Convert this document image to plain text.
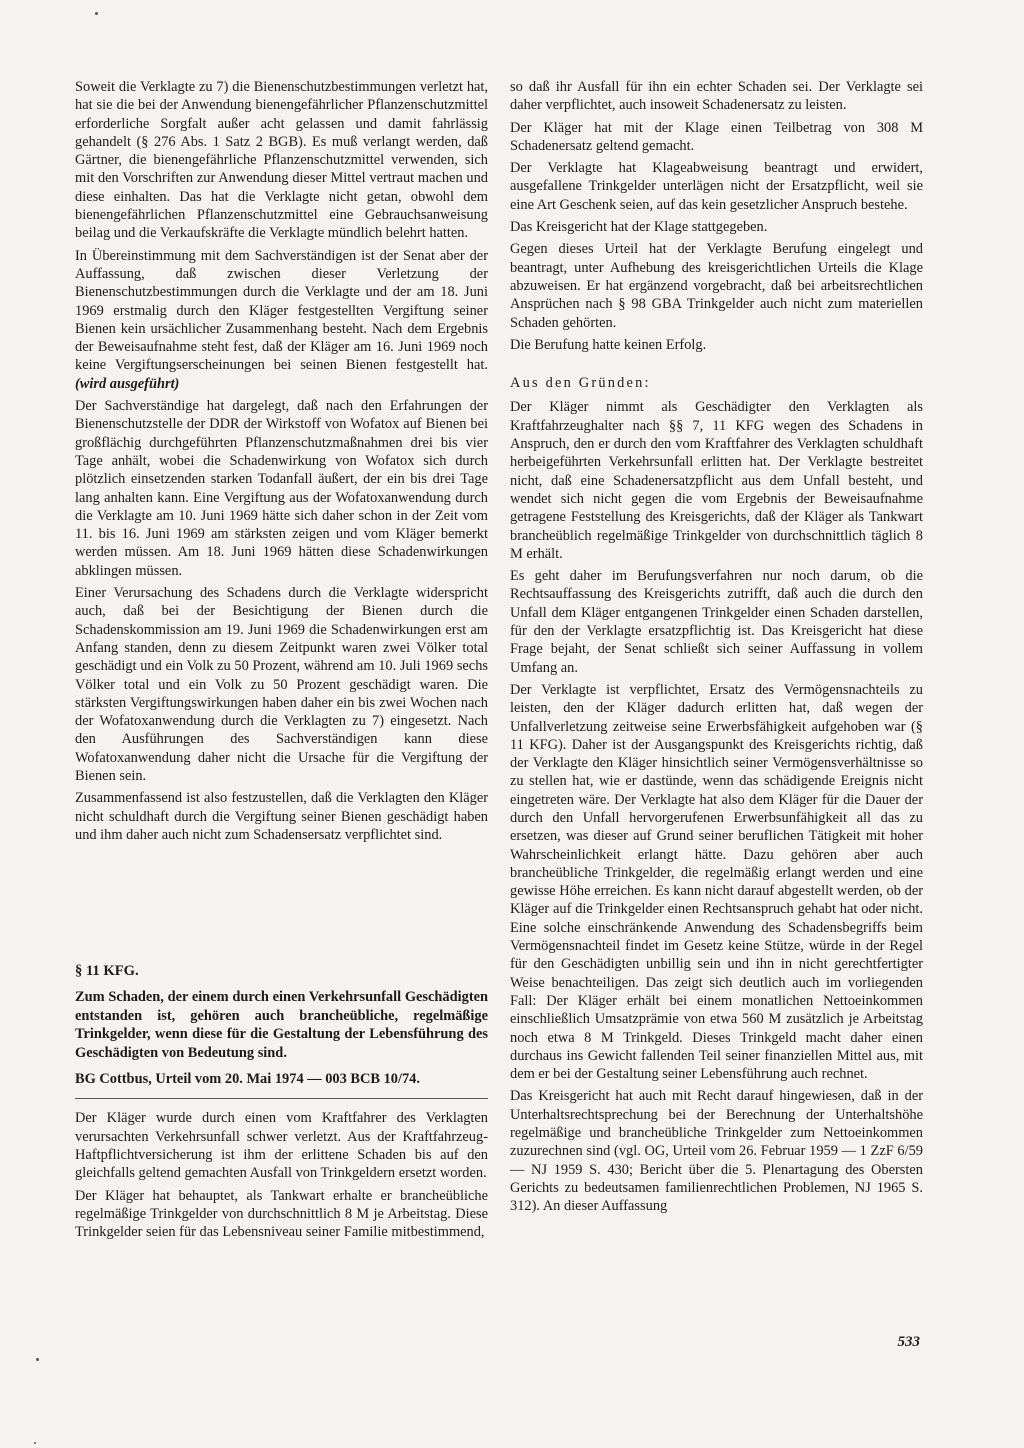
Soweit die Verklagte zu 7) die Bienenschutzbestimmungen verletzt hat, hat sie die bei der Anwendung bienengefährlicher Pflanzenschutzmittel erforderliche Sorgfalt außer acht gelassen und damit fahrlässig gehandelt (§ 276 Abs. 1 Satz 2 BGB). Es muß verlangt werden, daß Gärtner, die bienengefährliche Pflanzenschutzmittel verwenden, sich mit den Vorschriften zur Anwendung dieser Mittel vertraut machen und diese einhalten. Das hat die Verklagte nicht getan, obwohl dem bienengefährlichen Pflanzenschutzmittel eine Gebrauchsanweisung beilag und die Verkaufskräfte die Verklagte mündlich belehrt hatten.

In Übereinstimmung mit dem Sachverständigen ist der Senat aber der Auffassung, daß zwischen dieser Verletzung der Bienenschutzbestimmungen durch die Verklagte und der am 18. Juni 1969 erstmalig durch den Kläger festgestellten Vergiftung seiner Bienen kein ursächlicher Zusammenhang besteht. Nach dem Ergebnis der Beweisaufnahme steht fest, daß der Kläger am 16. Juni 1969 noch keine Vergiftungserscheinungen bei seinen Bienen festgestellt hat. (wird ausgeführt)

Der Sachverständige hat dargelegt, daß nach den Erfahrungen der Bienenschutzstelle der DDR der Wirkstoff von Wofatox auf Bienen bei großflächig durchgeführten Pflanzenschutzmaßnahmen drei bis vier Tage anhält, wobei die Schadenwirkung von Wofatox sich durch plötzlich einsetzenden starken Todanfall äußert, der ein bis drei Tage lang anhalten kann. Eine Vergiftung aus der Wofatoxanwendung durch die Verklagte am 10. Juni 1969 hätte sich daher schon in der Zeit vom 11. bis 16. Juni 1969 am stärksten zeigen und vom Kläger bemerkt werden müssen. Am 18. Juni 1969 hätten diese Schadenwirkungen abklingen müssen.

Einer Verursachung des Schadens durch die Verklagte widerspricht auch, daß bei der Besichtigung der Bienen durch die Schadenskommission am 19. Juni 1969 die Schadenwirkungen erst am Anfang standen, denn zu diesem Zeitpunkt waren zwei Völker total geschädigt und ein Volk zu 50 Prozent, während am 10. Juli 1969 sechs Völker total und ein Volk zu 50 Prozent geschädigt waren. Die stärksten Vergiftungswirkungen haben daher ein bis zwei Wochen nach der Wofatoxanwendung durch die Verklagten zu 7) eingesetzt. Nach den Ausführungen des Sachverständigen kann diese Wofatoxanwendung daher nicht die Ursache für die Vergiftung der Bienen sein.

Zusammenfassend ist also festzustellen, daß die Verklagten den Kläger nicht schuldhaft durch die Vergiftung seiner Bienen geschädigt haben und ihm daher auch nicht zum Schadensersatz verpflichtet sind.

§ 11 KFG.
Zum Schaden, der einem durch einen Verkehrsunfall Geschädigten entstanden ist, gehören auch brancheübliche, regelmäßige Trinkgelder, wenn diese für die Gestaltung der Lebensführung des Geschädigten von Bedeutung sind.
BG Cottbus, Urteil vom 20. Mai 1974 — 003 BCB 10/74.

Der Kläger wurde durch einen vom Kraftfahrer des Verklagten verursachten Verkehrsunfall schwer verletzt. Aus der Kraftfahrzeug-Haftpflichtversicherung ist ihm der erlittene Schaden bis auf den gleichfalls geltend gemachten Ausfall von Trinkgeldern ersetzt worden.

Der Kläger hat behauptet, als Tankwart erhalte er brancheübliche regelmäßige Trinkgelder von durchschnittlich 8 M je Arbeitstag. Diese Trinkgelder seien für das Lebensniveau seiner Familie mitbestimmend,

so daß ihr Ausfall für ihn ein echter Schaden sei. Der Verklagte sei daher verpflichtet, auch insoweit Schadenersatz zu leisten.

Der Kläger hat mit der Klage einen Teilbetrag von 308 M Schadenersatz geltend gemacht.

Der Verklagte hat Klageabweisung beantragt und erwidert, ausgefallene Trinkgelder unterlägen nicht der Ersatzpflicht, weil sie eine Art Geschenk seien, auf das kein gesetzlicher Anspruch bestehe.

Das Kreisgericht hat der Klage stattgegeben.

Gegen dieses Urteil hat der Verklagte Berufung eingelegt und beantragt, unter Aufhebung des kreisgerichtlichen Urteils die Klage abzuweisen. Er hat ergänzend vorgebracht, daß bei arbeitsrechtlichen Ansprüchen nach § 98 GBA Trinkgelder auch nicht zum materiellen Schaden gehörten.

Die Berufung hatte keinen Erfolg.

Aus den Gründen:

Der Kläger nimmt als Geschädigter den Verklagten als Kraftfahrzeughalter nach §§ 7, 11 KFG wegen des Schadens in Anspruch, den er durch den vom Kraftfahrer des Verklagten schuldhaft herbeigeführten Verkehrsunfall erlitten hat. Der Verklagte bestreitet nicht, daß eine Schadenersatzpflicht aus dem Unfall besteht, und wendet sich nicht gegen die vom Ergebnis der Beweisaufnahme getragene Feststellung des Kreisgerichts, daß der Kläger als Tankwart brancheüblich regelmäßige Trinkgelder von durchschnittlich täglich 8 M erhält.

Es geht daher im Berufungsverfahren nur noch darum, ob die Rechtsauffassung des Kreisgerichts zutrifft, daß auch die durch den Unfall dem Kläger entgangenen Trinkgelder einen Schaden darstellen, für den der Verklagte ersatzpflichtig ist. Das Kreisgericht hat diese Frage bejaht, der Senat schließt sich seiner Auffassung in vollem Umfang an.

Der Verklagte ist verpflichtet, Ersatz des Vermögensnachteils zu leisten, den der Kläger dadurch erlitten hat, daß wegen der Unfallverletzung zeitweise seine Erwerbsfähigkeit aufgehoben war (§ 11 KFG). Daher ist der Ausgangspunkt des Kreisgerichts richtig, daß der Verklagte den Kläger hinsichtlich seiner Vermögensverhältnisse so zu stellen hat, wie er dastünde, wenn das schädigende Ereignis nicht eingetreten wäre. Der Verklagte hat also dem Kläger für die Dauer der durch den Unfall hervorgerufenen Erwerbsunfähigkeit all das zu ersetzen, was dieser auf Grund seiner beruflichen Tätigkeit mit hoher Wahrscheinlichkeit erlangt hätte. Dazu gehören aber auch brancheübliche Trinkgelder, die regelmäßig erlangt werden und eine gewisse Höhe erreichen. Es kann nicht darauf abgestellt werden, ob der Kläger auf die Trinkgelder einen Rechtsanspruch gehabt hat oder nicht. Eine solche einschränkende Anwendung des Schadensbegriffs beim Vermögensnachteil findet im Gesetz keine Stütze, würde in der Regel für den Geschädigten unbillig sein und ihn in nicht gerechtfertigter Weise benachteiligen. Das zeigt sich deutlich auch im vorliegenden Fall: Der Kläger erhält bei einem monatlichen Nettoeinkommen einschließlich Umsatzprämie von etwa 560 M zusätzlich je Arbeitstag noch etwa 8 M Trinkgeld. Dieses Trinkgeld macht daher einen durchaus ins Gewicht fallenden Teil seiner finanziellen Mittel aus, mit dem er bei der Gestaltung seiner Lebensführung auch rechnet.

Das Kreisgericht hat auch mit Recht darauf hingewiesen, daß in der Unterhaltsrechtsprechung bei der Berechnung der Unterhaltshöhe regelmäßige und brancheübliche Trinkgelder zum Nettoeinkommen zuzurechnen sind (vgl. OG, Urteil vom 26. Februar 1959 — 1 ZzF 6/59 — NJ 1959 S. 430; Bericht über die 5. Plenartagung des Obersten Gerichts zu bedeutsamen familienrechtlichen Problemen, NJ 1965 S. 312). An dieser Auffassung

533
